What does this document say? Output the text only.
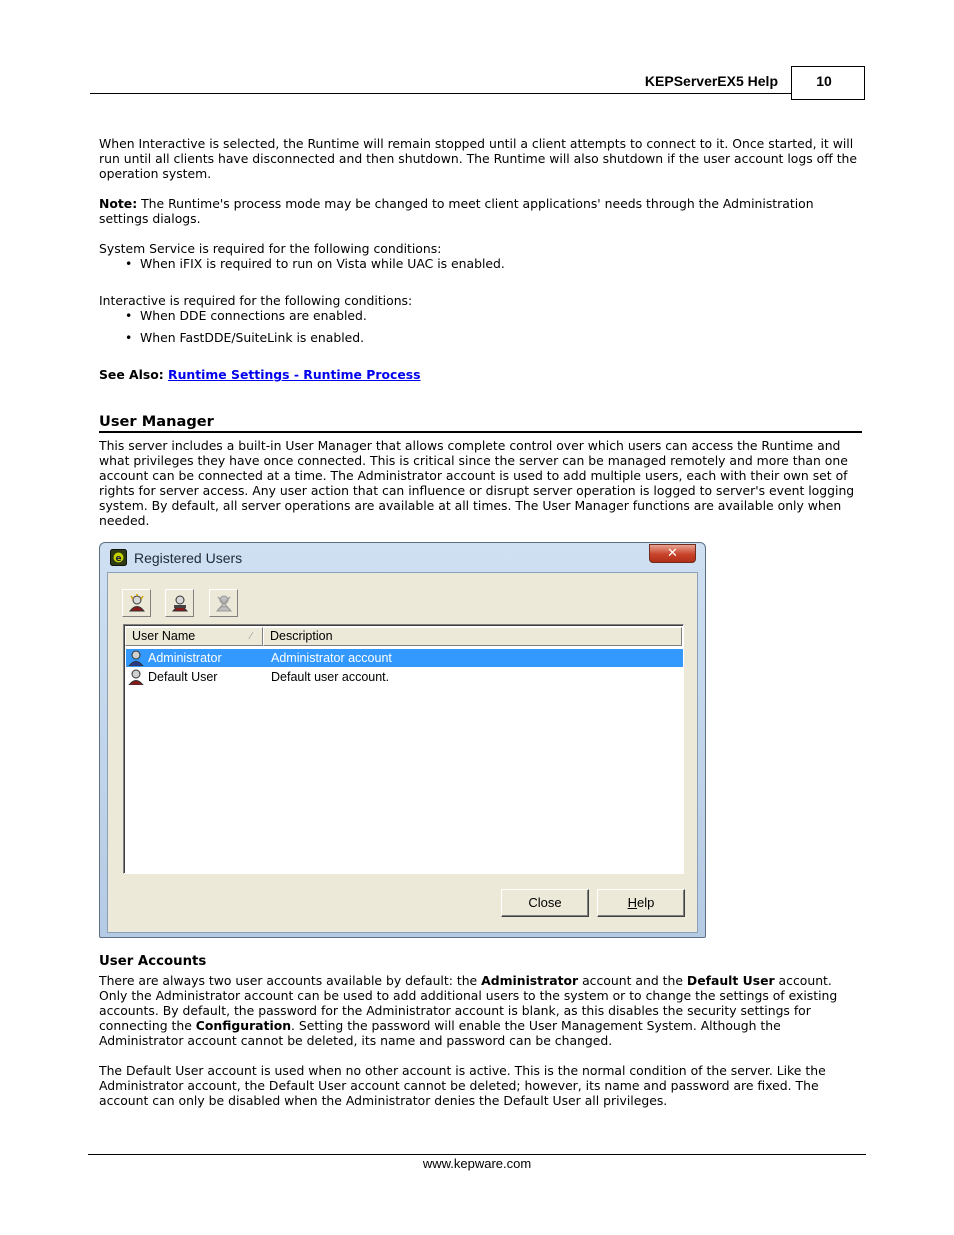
KEPServerEX5 Help	10

When Interactive is selected, the Runtime will remain stopped until a client attempts to connect to it. Once started, it will run until all clients have disconnected and then shutdown. The Runtime will also shutdown if the user account logs off the operation system.

Note: The Runtime's process mode may be changed to meet client applications' needs through the Administration settings dialogs.

System Service is required for the following conditions:
• When iFIX is required to run on Vista while UAC is enabled.
Interactive is required for the following conditions:
• When DDE connections are enabled.
• When FastDDE/SuiteLink is enabled.
See Also: Runtime Settings - Runtime Process
User Manager
This server includes a built-in User Manager that allows complete control over which users can access the Runtime and what privileges they have once connected. This is critical since the server can be managed remotely and more than one account can be connected at a time. The Administrator account is used to add multiple users, each with their own set of rights for server access. Any user action that can influence or disrupt server operation is logged to server's event logging system. By default, all server operations are available at all times. The User Manager functions are available only when needed.
e Registered Users	✕
User Name	∕	Description
Administrator	Administrator account
Default User	Default user account.
Close	Help
User Accounts
There are always two user accounts available by default: the Administrator account and the Default User account. Only the Administrator account can be used to add additional users to the system or to change the settings of existing accounts. By default, the password for the Administrator account is blank, as this disables the security settings for connecting the Configuration. Setting the password will enable the User Management System. Although the Administrator account cannot be deleted, its name and password can be changed.
The Default User account is used when no other account is active. This is the normal condition of the server. Like the Administrator account, the Default User account cannot be deleted; however, its name and password are fixed. The account can only be disabled when the Administrator denies the Default User all privileges.
www.kepware.com
